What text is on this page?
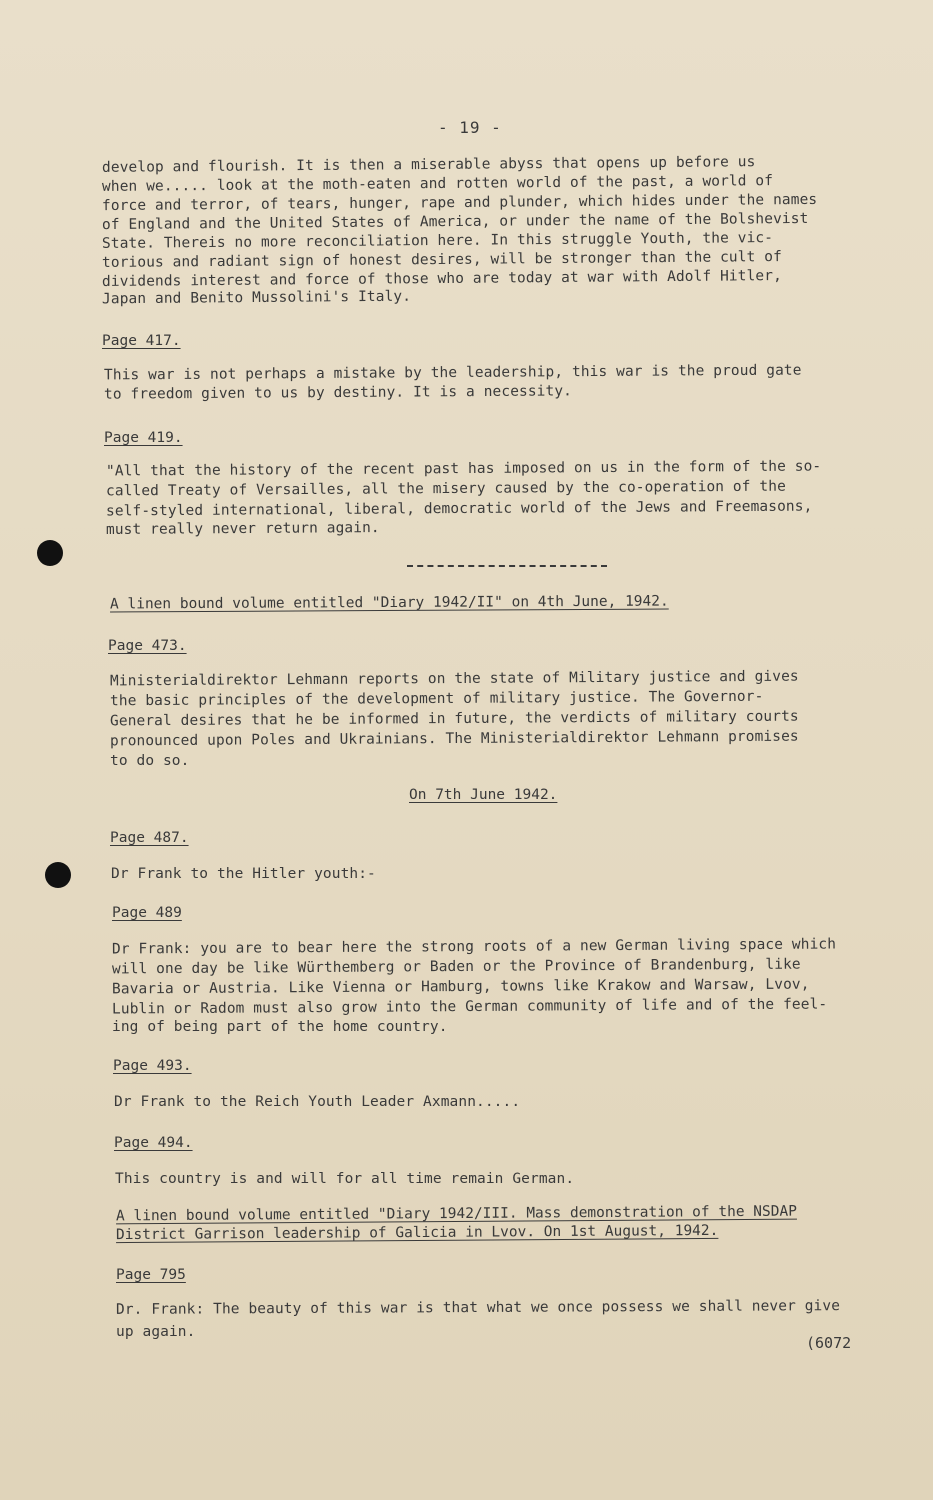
- 19 -
develop and flourish. It is then a miserable abyss that opens up before us
when we..... look at the moth-eaten and rotten world of the past, a world of
force and terror, of tears, hunger, rape and plunder, which hides under the names
of England and the United States of America, or under the name of the Bolshevist
State. Thereis no more reconciliation here. In this struggle Youth, the vic-
torious and radiant sign of honest desires, will be stronger than the cult of
dividends interest and force of those who are today at war with Adolf Hitler,
Japan and Benito Mussolini's Italy.
Page 417.
This war is not perhaps a mistake by the leadership, this war is the proud gate
to freedom given to us by destiny. It is a necessity.
Page 419.
"All that the history of the recent past has imposed on us in the form of the so-
called Treaty of Versailles, all the misery caused by the co-operation of the
self-styled international, liberal, democratic world of the Jews and Freemasons,
must really never return again.
A linen bound volume entitled "Diary 1942/II" on 4th June, 1942.
Page 473.
Ministerialdirektor Lehmann reports on the state of Military justice and gives
the basic principles of the development of military justice. The Governor-
General desires that he be informed in future, the verdicts of military courts
pronounced upon Poles and Ukrainians. The Ministerialdirektor Lehmann promises
to do so.
On 7th June 1942.
Page 487.
Dr Frank to the Hitler youth:-
Page 489
Dr Frank: you are to bear here the strong roots of a new German living space which
will one day be like Würthemberg or Baden or the Province of Brandenburg, like
Bavaria or Austria. Like Vienna or Hamburg, towns like Krakow and Warsaw, Lvov,
Lublin or Radom must also grow into the German community of life and of the feel-
ing of being part of the home country.
Page 493.
Dr Frank to the Reich Youth Leader Axmann.....
Page 494.
This country is and will for all time remain German.
A linen bound volume entitled "Diary 1942/III. Mass demonstration of the NSDAP
District Garrison leadership of Galicia in Lvov. On 1st August, 1942.
Page 795
Dr. Frank: The beauty of this war is that what we once possess we shall never give
up again.
(6072
